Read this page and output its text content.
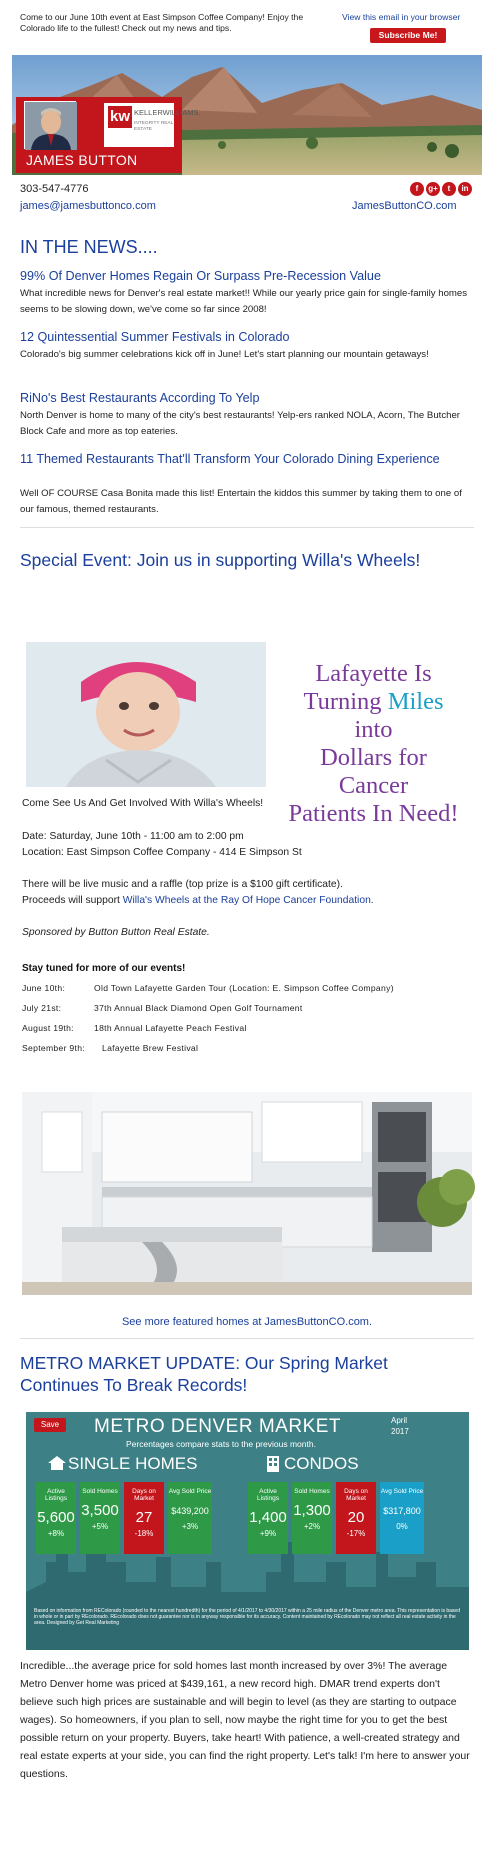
Come to our June 10th event at East Simpson Coffee Company! Enjoy the Colorado life to the fullest! Check out my news and tips.
View this email in your browser
Subscribe Me!
kw KELLERWILLIAMS.
INTEGRITY REAL ESTATE
JAMES BUTTON
303-547-4776
james@jamesbuttonco.com	JamesButtonCO.com
f	g+	t	in
IN THE NEWS....
99% Of Denver Homes Regain Or Surpass Pre-Recession Value
What incredible news for Denver's real estate market!! While our yearly price gain for single-family homes seems to be slowing down, we've come so far since 2008!
12 Quintessential Summer Festivals in Colorado
Colorado's big summer celebrations kick off in June! Let's start planning our mountain getaways!
RiNo's Best Restaurants According To Yelp
North Denver is home to many of the city's best restaurants! Yelp-ers ranked NOLA, Acorn, The Butcher Block Cafe and more as top eateries.
11 Themed Restaurants That'll Transform Your Colorado Dining Experience
Well OF COURSE Casa Bonita made this list! Entertain the kiddos this summer by taking them to one of our famous, themed restaurants.
Special Event: Join us in supporting Willa's Wheels!
Lafayette Is
Turning Miles into
Dollars for Cancer
Patients In Need!
Come See Us And Get Involved With Willa's Wheels!
Date: Saturday, June 10th - 11:00 am to 2:00 pm
Location: East Simpson Coffee Company - 414 E Simpson St
There will be live music and a raffle (top prize is a $100 gift certificate).
Proceeds will support Willa's Wheels at the Ray Of Hope Cancer Foundation.
Sponsored by Button Button Real Estate.
Stay tuned for more of our events!
June 10th:	Old Town Lafayette Garden Tour (Location: E. Simpson Coffee Company)
July 21st:	37th Annual Black Diamond Open Golf Tournament
August 19th: 18th Annual Lafayette Peach Festival
September 9th: Lafayette Brew Festival
See more featured homes at JamesButtonCO.com.
METRO MARKET UPDATE: Our Spring Market Continues To Break Records!
Save	METRO DENVER MARKET	April
2017
Percentages compare stats to the previous month.
SINGLE HOMES	CONDOS
Active Listings
5,600
+8%
Sold Homes
3,500
+5%
Days on Market
27
-18%
Avg Sold Price
$439,200
+3%
Active Listings
1,400
+9%
Sold Homes
1,300
+2%
Days on Market
20
-17%
Avg Sold Price
$317,800
0%
Based on information from REColorado (rounded to the nearest hundredth) for the period of 4/1/2017 to 4/30/2017 within a 25 mile radius of the Denver metro area. This representation is based in whole or in part by REcolorado. REcolorado does not guarantee nor is in anyway responsible for its accuracy. Content maintained by REcolorado may not reflect all real estate activity in the area. Designed by Get Real Marketing
Incredible...the average price for sold homes last month increased by over 3%! The average Metro Denver home was priced at $439,161, a new record high. DMAR trend experts don't believe such high prices are sustainable and will begin to level (as they are starting to outpace wages). So homeowners, if you plan to sell, now maybe the right time for you to get the best possible return on your property. Buyers, take heart! With patience, a well-created strategy and real estate experts at your side, you can find the right property. Let's talk! I'm here to answer your questions.
